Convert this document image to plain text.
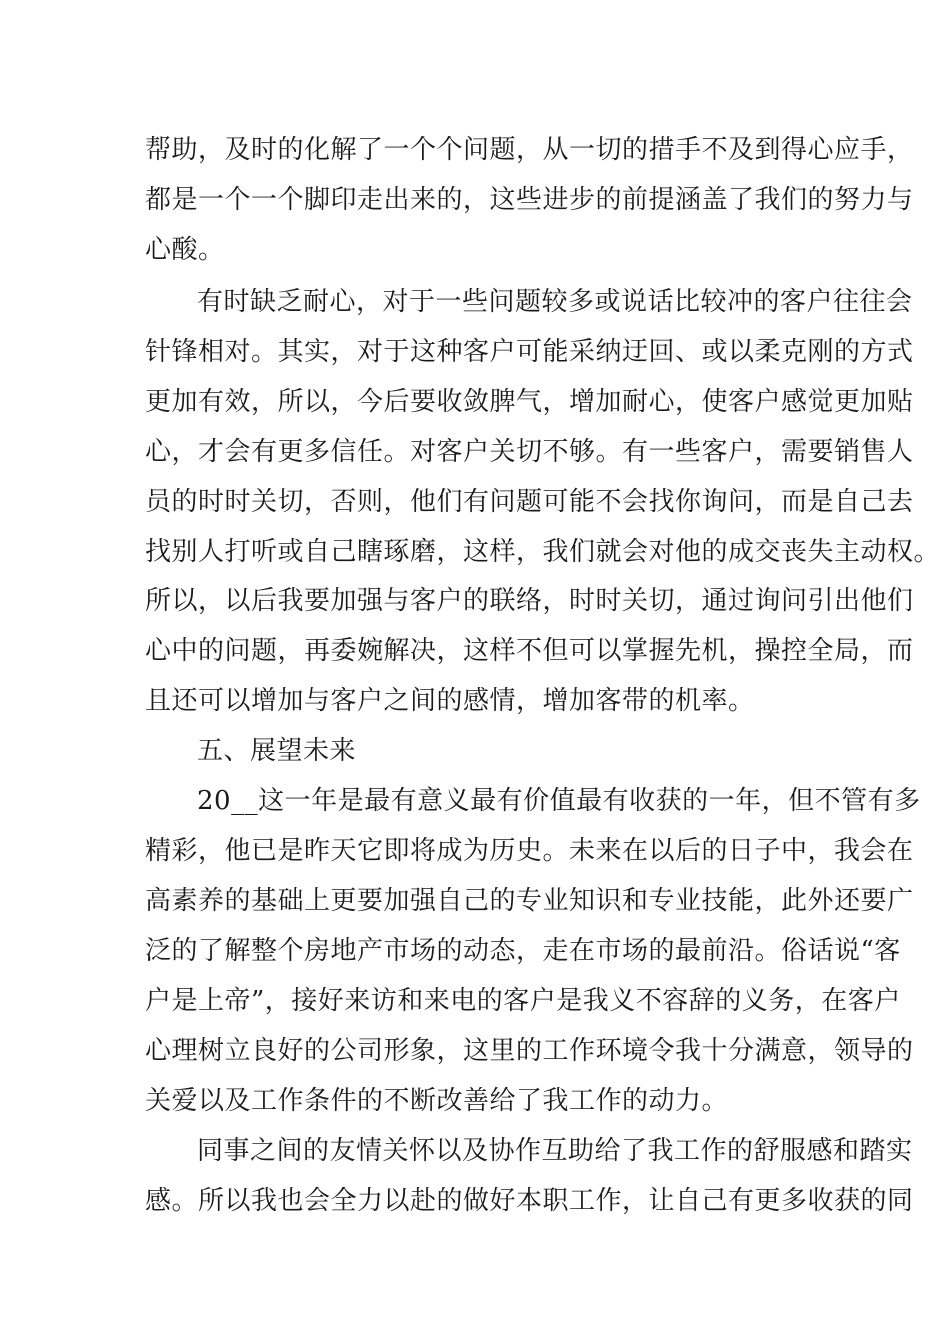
帮助，及时的化解了一个个问题，从一切的措手不及到得心应手，
都是一个一个脚印走出来的，这些进步的前提涵盖了我们的努力与
心酸。
有时缺乏耐心，对于一些问题较多或说话比较冲的客户往往会
针锋相对。其实，对于这种客户可能采纳迂回、或以柔克刚的方式
更加有效，所以，今后要收敛脾气，增加耐心，使客户感觉更加贴
心，才会有更多信任。对客户关切不够。有一些客户，需要销售人
员的时时关切，否则，他们有问题可能不会找你询问，而是自己去
找别人打听或自己瞎琢磨，这样，我们就会对他的成交丧失主动权。
所以，以后我要加强与客户的联络，时时关切，通过询问引出他们
心中的问题，再委婉解决，这样不但可以掌握先机，操控全局，而
且还可以增加与客户之间的感情，增加客带的机率。
五、展望未来
20__这一年是最有意义最有价值最有收获的一年，但不管有多
精彩，他已是昨天它即将成为历史。未来在以后的日子中，我会在
高素养的基础上更要加强自己的专业知识和专业技能，此外还要广
泛的了解整个房地产市场的动态，走在市场的最前沿。俗话说“客
户是上帝”，接好来访和来电的客户是我义不容辞的义务，在客户
心理树立良好的公司形象，这里的工作环境令我十分满意，领导的
关爱以及工作条件的不断改善给了我工作的动力。
同事之间的友情关怀以及协作互助给了我工作的舒服感和踏实
感。所以我也会全力以赴的做好本职工作，让自己有更多收获的同
